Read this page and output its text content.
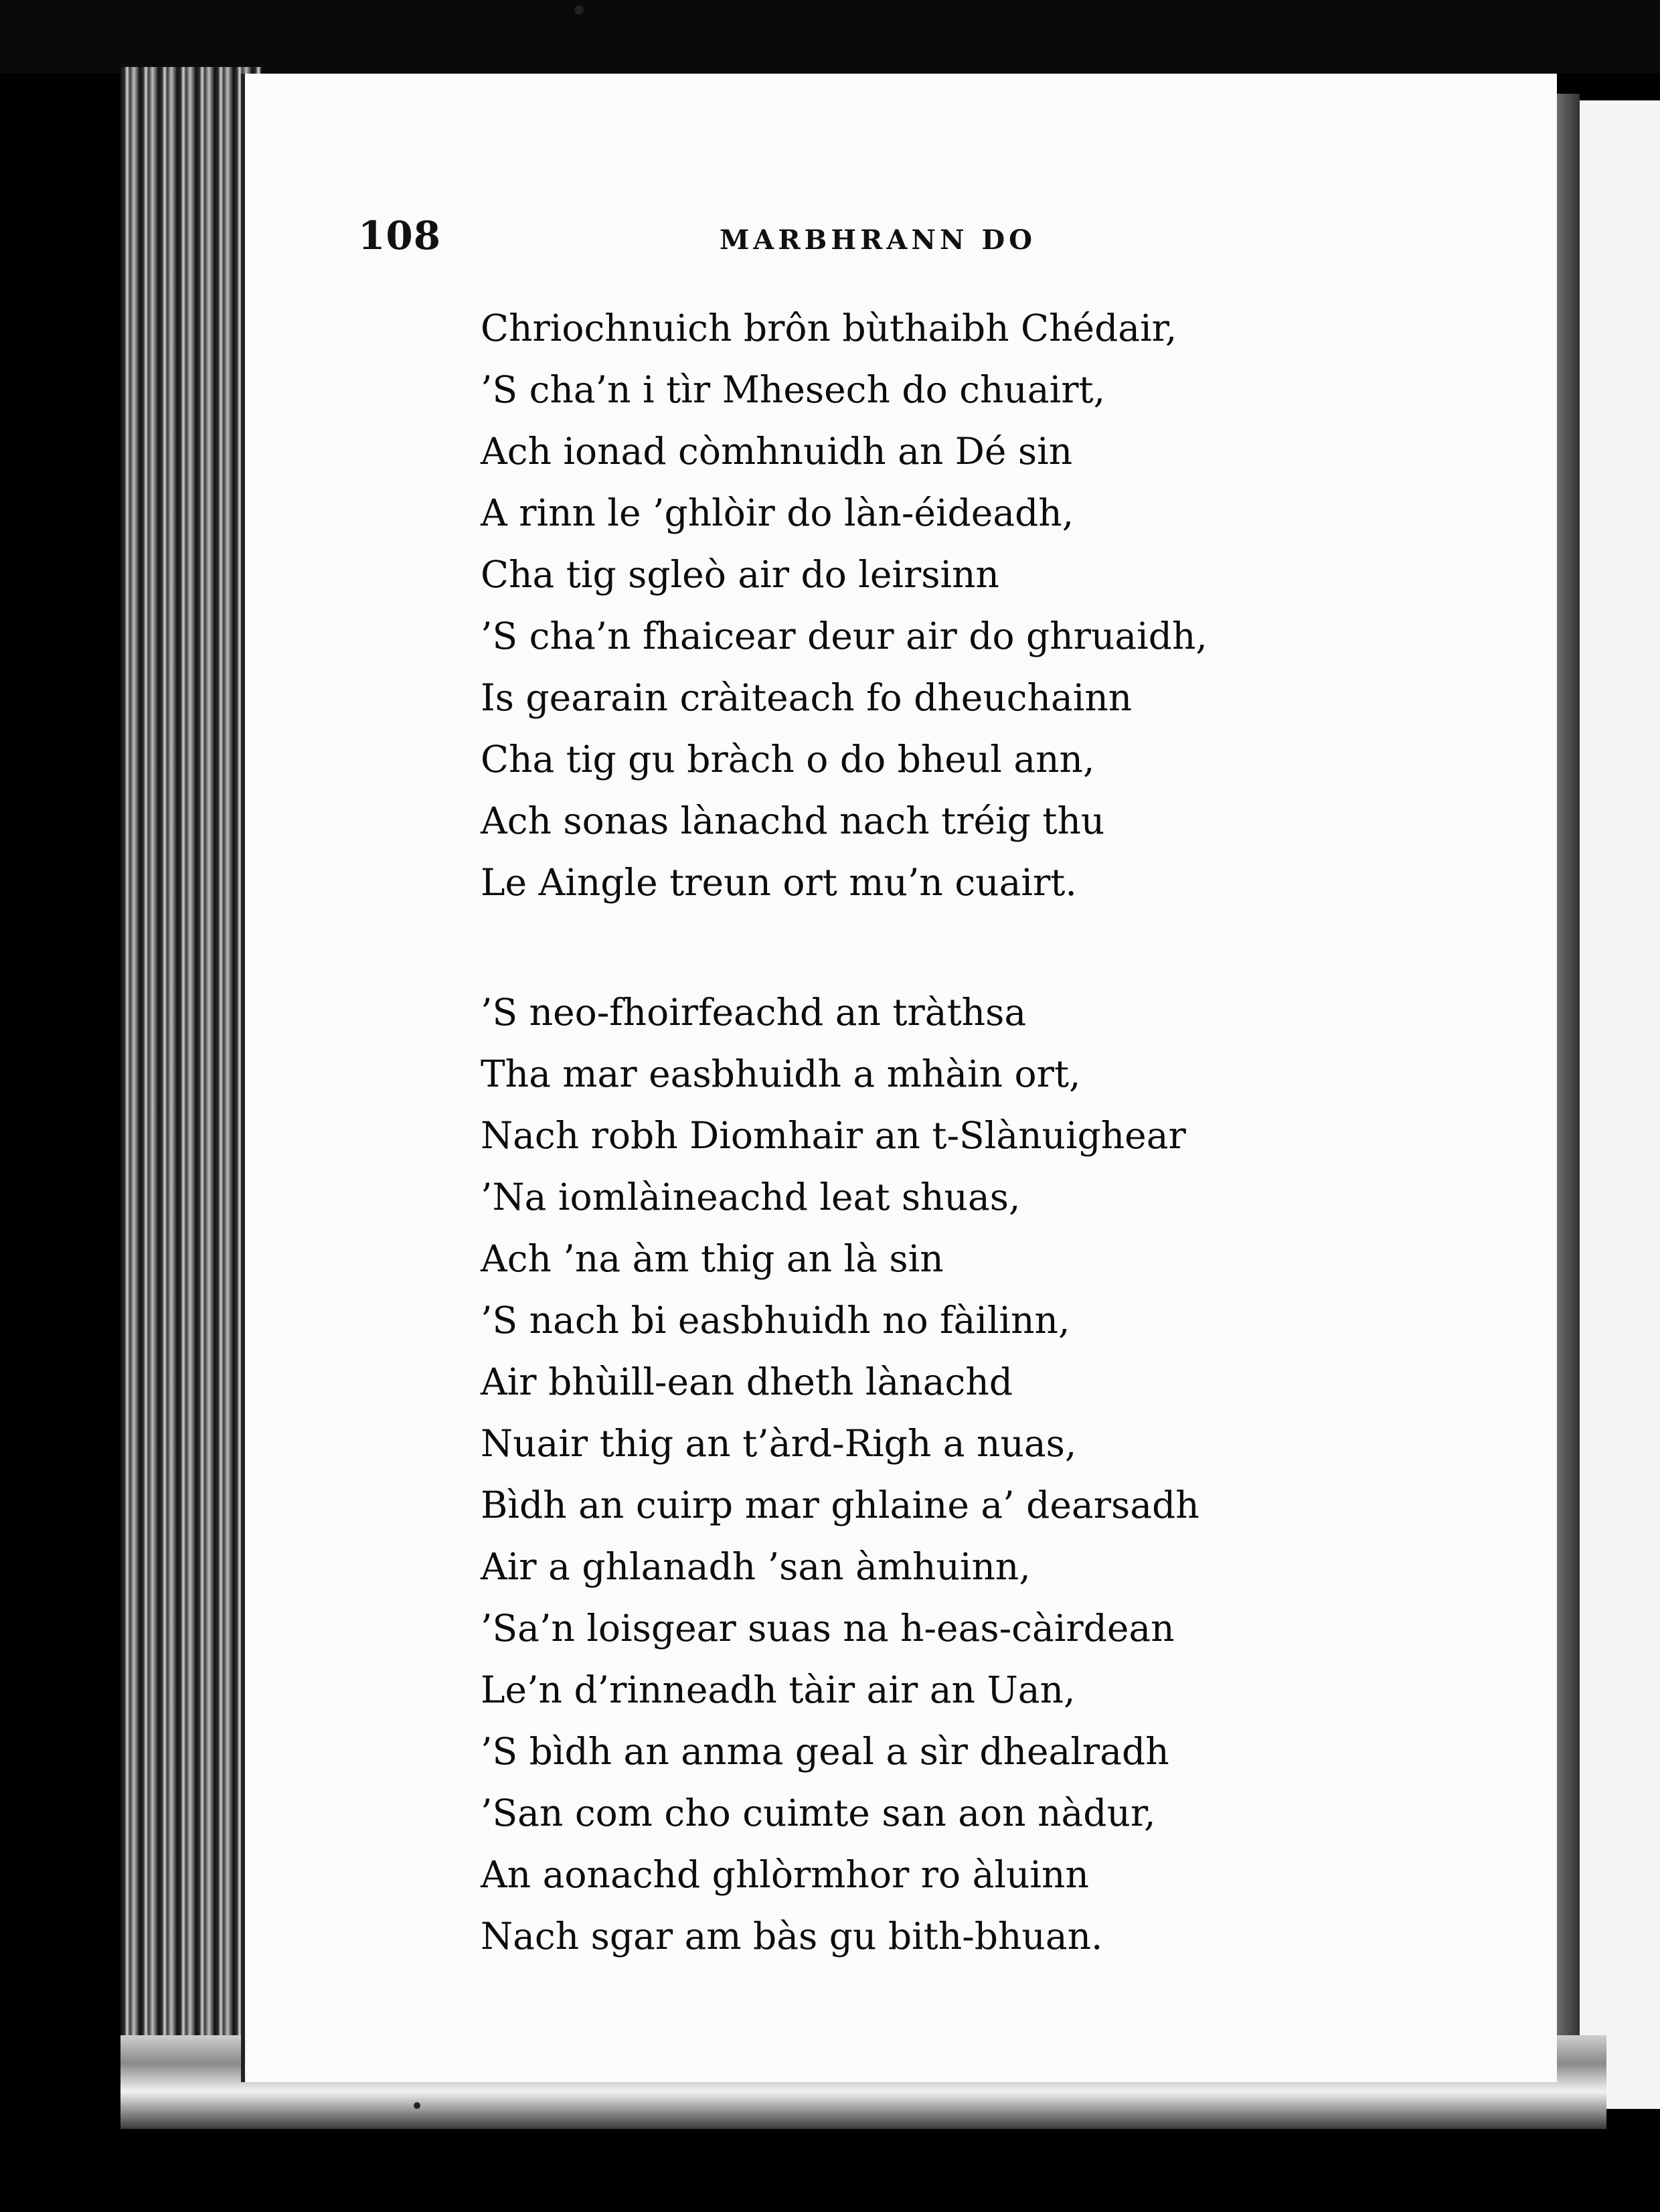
108	MARBHRANN DO
Chriochnuich brôn bùthaibh Chédair,
’S cha’n i tìr Mhesech do chuairt,
Ach ionad còmhnuidh an Dé sin
A rinn le ’ghlòir do làn-éideadh,
Cha tig sgleò air do leirsinn
’S cha’n fhaicear deur air do ghruaidh,
Is gearain cràiteach fo dheuchainn
Cha tig gu bràch o do bheul ann,
Ach sonas lànachd nach tréig thu
Le Aingle treun ort mu’n cuairt.
’S neo-fhoirfeachd an tràthsa
Tha mar easbhuidh a mhàin ort,
Nach robh Diomhair an t-Slànuighear
’Na iomlàineachd leat shuas,
Ach ’na àm thig an là sin
’S nach bi easbhuidh no fàilinn,
Air bhùill-ean dheth lànachd
Nuair thig an t’àrd-Righ a nuas,
Bìdh an cuirp mar ghlaine a’ dearsadh
Air a ghlanadh ’san àmhuinn,
’Sa’n loisgear suas na h-eas-càirdean
Le’n d’rinneadh tàir air an Uan,
’S bìdh an anma geal a sìr dhealradh
’San com cho cuimte san aon nàdur,
An aonachd ghlòrmhor ro àluinn
Nach sgar am bàs gu bith-bhuan.
